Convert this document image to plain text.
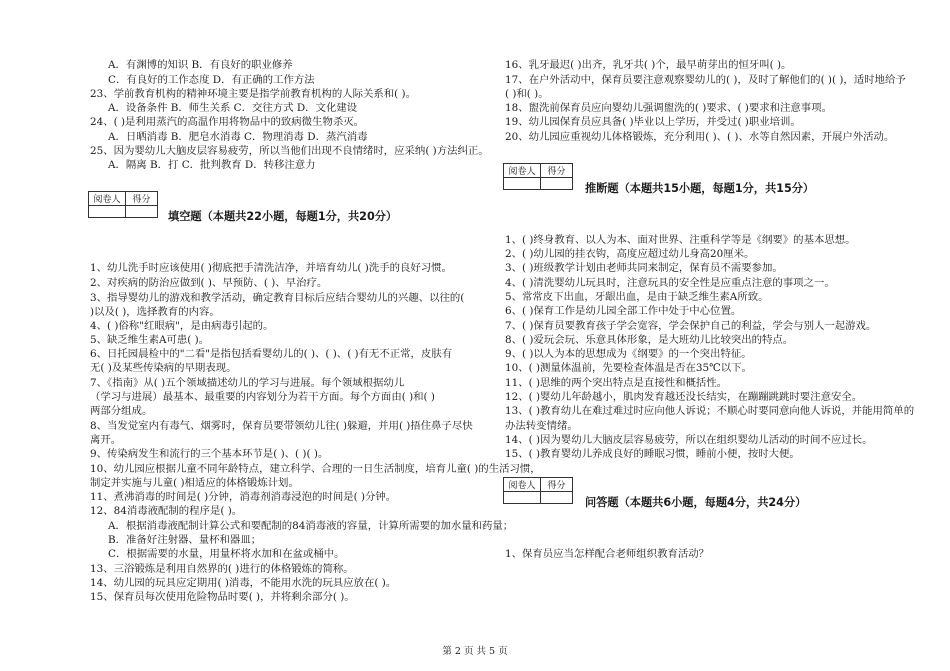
A．有渊博的知识 B．有良好的职业修养
C．有良好的工作态度 D．有正确的工作方法
23、学前教育机构的精神环境主要是指学前教育机构的人际关系和( )。
A．设备条件 B．师生关系 C．交往方式 D．文化建设
24、( )是利用蒸汽的高温作用将物品中的致病微生物杀灭。
A．日晒消毒 B．肥皂水消毒 C．物理消毒 D．蒸汽消毒
25、因为婴幼儿大脑皮层容易疲劳，所以当他们出现不良情绪时，应采纳( )方法纠正。
A．隔离 B．打 C．批判教育 D．转移注意力
阅卷人	得分

填空题（本题共22小题，每题1分，共20分）
1、幼儿洗手时应该使用( )彻底把手清洗洁净，并培育幼儿( )洗手的良好习惯。
2、对疾病的防治应做到( )、早预防、( )、早治疗。
3、指导婴幼儿的游戏和教学活动，确定教育目标后应结合婴幼儿的兴趣、以往的( )以及( )，选择教育的内容。
4、( )俗称"红眼病"，是由病毒引起的。
5、缺乏维生素A可患( )。
6、日托园晨检中的"二看"是指包括看婴幼儿的( )、( )、( )有无不正常，皮肤有
无( )及某些传染病的早期表现。
7、《指南》从( )五个领域描述幼儿的学习与进展。每个领域根据幼儿
（学习与进展）最基本、最重要的内容划分为若干方面。每个方面由( )和( )
两部分组成。
8、当发觉室内有毒气、烟雾时，保育员要带领幼儿往( )躲避，并用( )捂住鼻子尽快
离开。
9、传染病发生和流行的三个基本环节是( )、( )( )。
10、幼儿园应根据儿童不同年龄特点，建立科学、合理的一日生活制度，培育儿童( )的生活习惯，
制定并实施与儿童( )相适应的体格锻炼计划。
11、煮沸消毒的时间是( )分钟，消毒剂消毒浸泡的时间是( )分钟。
12、84消毒液配制的程序是( )。
A．根据消毒液配制计算公式和要配制的84消毒液的容量，计算所需要的加水量和药量；
B．准备好注射器、量杯和器皿；
C．根据需要的水量，用量杯将水加和在盆或桶中。
13、三浴锻炼是利用自然界的( )进行的体格锻炼的简称。
14、幼儿园的玩具应定期用( )消毒，不能用水洗的玩具应放在( )。
15、保育员每次使用危险物品时要( )，并将剩余部分( )。
16、乳牙最迟( )出齐，乳牙共( )个，最早萌芽出的恒牙叫( )。
17、在户外活动中，保育员要注意观察婴幼儿的( )，及时了解他们的( )( )，适时地给予
( )和( )。
18、盥洗前保育员应向婴幼儿强调盥洗的( )要求、( )要求和注意事项。
19、幼儿园保育员应具备( )毕业以上学历，并受过( )职业培训。
20、幼儿园应重视幼儿体格锻炼，充分利用( )、( )、水等自然因素，开展户外活动。
阅卷人	得分

推断题（本题共15小题，每题1分，共15分）
1、( )终身教育、以人为本、面对世界、注重科学等是《纲要》的基本思想。
2、( )幼儿园的挂衣钩，高度应超过幼儿身高20厘米。
3、( )班级教学计划由老师共同来制定，保育员不需要参加。
4、( )清洗婴幼儿玩具时，注意玩具的安全性是应重点注意的事项之一。
5、常常皮下出血，牙龈出血，是由于缺乏维生素A所致。
6、( )保育工作是幼儿园全部工作中处于中心位置。
7、( )保育员要教育孩子学会宽容，学会保护自己的利益，学会与别人一起游戏。
8、( )爱玩会玩、乐意具体形象，是大班幼儿比较突出的特点。
9、( )以人为本的思想成为《纲要》的一个突出特征。
10、( )测量体温前，先要检查体温是否在35℃以下。
11、( )思维的两个突出特点是直接性和概括性。
12、( )婴幼儿年龄越小，肌肉发育越还没长结实，在蹦蹦跳跳时要注意安全。
13、( )教育幼儿在难过难过时应向他人诉说；不顺心时要同意向他人诉说，并能用简单的
办法转变情绪。
14、( )因为婴幼儿大脑皮层容易疲劳，所以在组织婴幼儿活动的时间不应过长。
15、( )教育婴幼儿养成良好的睡眠习惯，睡前小便，按时大便。
阅卷人	得分

问答题（本题共6小题，每题4分，共24分）
1、保育员应当怎样配合老师组织教育活动？
第 2 页 共 5 页
